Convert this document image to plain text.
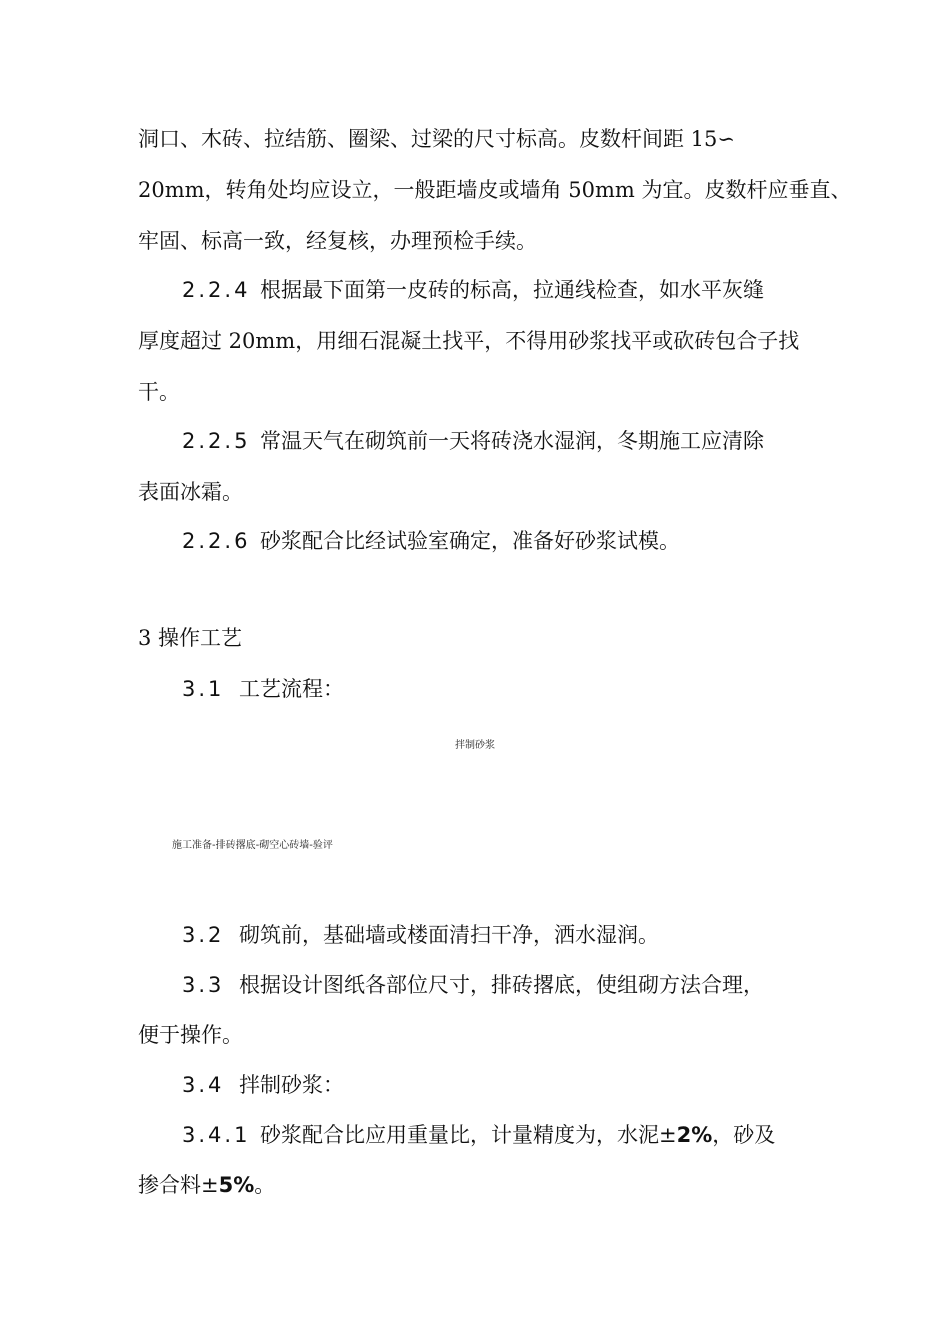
洞口、木砖、拉结筋、圈梁、过梁的尺寸标高。皮数杆间距 15∽
20mm，转角处均应设立，一般距墙皮或墙角 50mm 为宜。皮数杆应垂直、
牢固、标高一致，经复核，办理预检手续。
2.2.4 根据最下面第一皮砖的标高，拉通线检查，如水平灰缝
厚度超过 20mm，用细石混凝土找平，不得用砂浆找平或砍砖包合子找
干。
2.2.5 常温天气在砌筑前一天将砖浇水湿润，冬期施工应清除
表面冰霜。
2.2.6 砂浆配合比经试验室确定，准备好砂浆试模。
3 操作工艺
3.1 工艺流程：
拌制砂浆
施工准备-排砖撂底-砌空心砖墙-验评
3.2 砌筑前，基础墙或楼面清扫干净，洒水湿润。
3.3 根据设计图纸各部位尺寸，排砖撂底，使组砌方法合理，
便于操作。
3.4 拌制砂浆：
3.4.1 砂浆配合比应用重量比，计量精度为，水泥±2%，砂及
掺合料±5%。
